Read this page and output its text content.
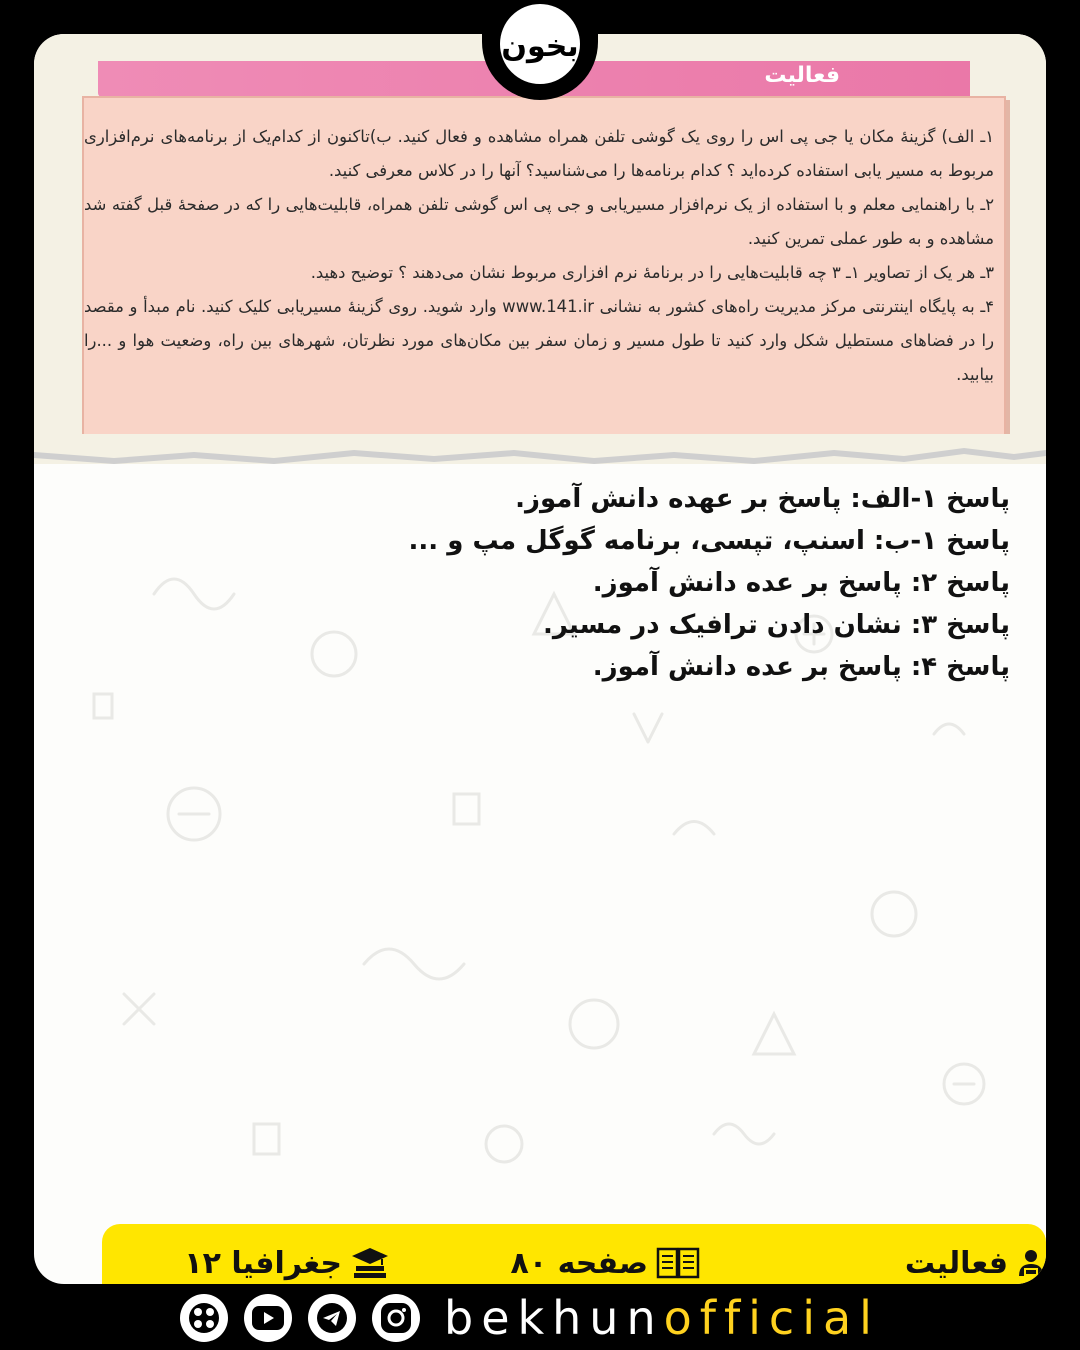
فعالیت

۱ـ الف) گزینهٔ مکان یا جی پی اس را روی یک گوشی تلفن همراه مشاهده و فعال کنید. ب)تاکنون از کدام‌یک از برنامه‌های نرم‌افزاری مربوط به مسیر یابی استفاده کرده‌اید ؟ کدام برنامه‌ها را می‌شناسید؟ آنها را در کلاس معرفی کنید.

۲ـ با راهنمایی معلم و با استفاده از یک نرم‌افزار مسیریابی و جی پی اس گوشی تلفن همراه، قابلیت‌هایی را که در صفحهٔ قبل گفته شد مشاهده و به طور عملی تمرین کنید.

۳ـ هر یک از تصاویر ۱ـ ۳ چه قابلیت‌هایی را در برنامهٔ نرم افزاری مربوط نشان می‌دهند ؟ توضیح دهید.

۴ـ به پایگاه اینترنتی مرکز مدیریت راه‌های کشور به نشانی www.141.ir وارد شوید. روی گزینهٔ مسیریابی کلیک کنید. نام مبدأ و مقصد را در فضاهای مستطیل شکل وارد کنید تا طول مسیر و زمان سفر بین مکان‌های مورد نظرتان، شهرهای بین راه، وضعیت هوا و ...را بیابید.

پاسخ ۱-الف: پاسخ بر عهده دانش آموز.
پاسخ ۱-ب: اسنپ، تپسی، برنامه گوگل مپ و ...
پاسخ ۲: پاسخ بر عده دانش آموز.
پاسخ ۳: نشان دادن ترافیک در مسیر.
پاسخ ۴: پاسخ بر عده دانش آموز.
فعالیت
صفحه ۸۰
جغرافیا ۱۲
بخون
bekhunofficial
